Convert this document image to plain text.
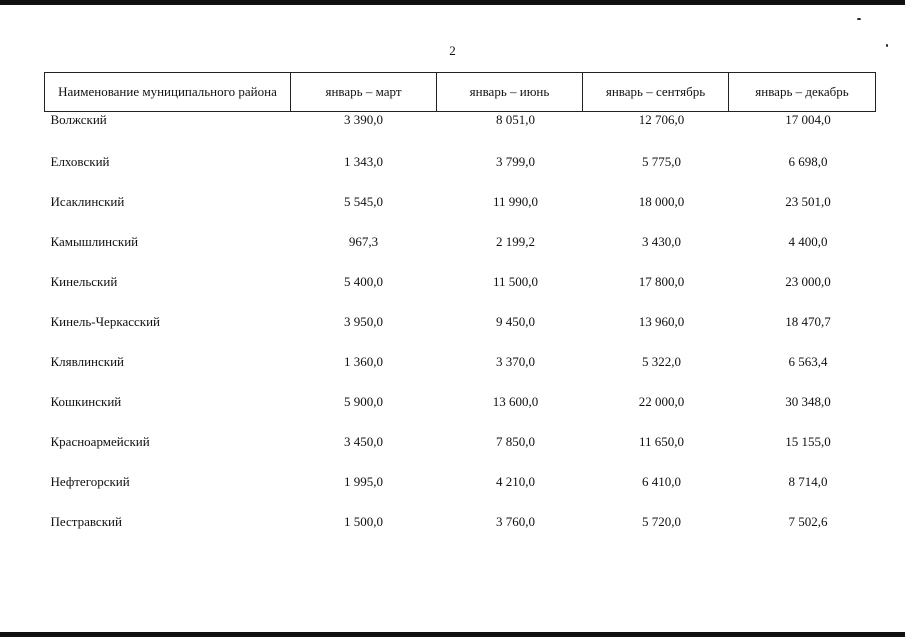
2
Наименование муниципального района	январь – март	январь – июнь	январь – сентябрь	январь – декабрь

Волжский	3 390,0	8 051,0	12 706,0	17 004,0

Елховский	1 343,0	3 799,0	5 775,0	6 698,0

Исаклинский	5 545,0	11 990,0	18 000,0	23 501,0

Камышлинский	967,3	2 199,2	3 430,0	4 400,0

Кинельский	5 400,0	11 500,0	17 800,0	23 000,0

Кинель-Черкасский	3 950,0	9 450,0	13 960,0	18 470,7

Клявлинский	1 360,0	3 370,0	5 322,0	6 563,4

Кошкинский	5 900,0	13 600,0	22 000,0	30 348,0

Красноармейский	3 450,0	7 850,0	11 650,0	15 155,0

Нефтегорский	1 995,0	4 210,0	6 410,0	8 714,0

Пестравский	1 500,0	3 760,0	5 720,0	7 502,6
